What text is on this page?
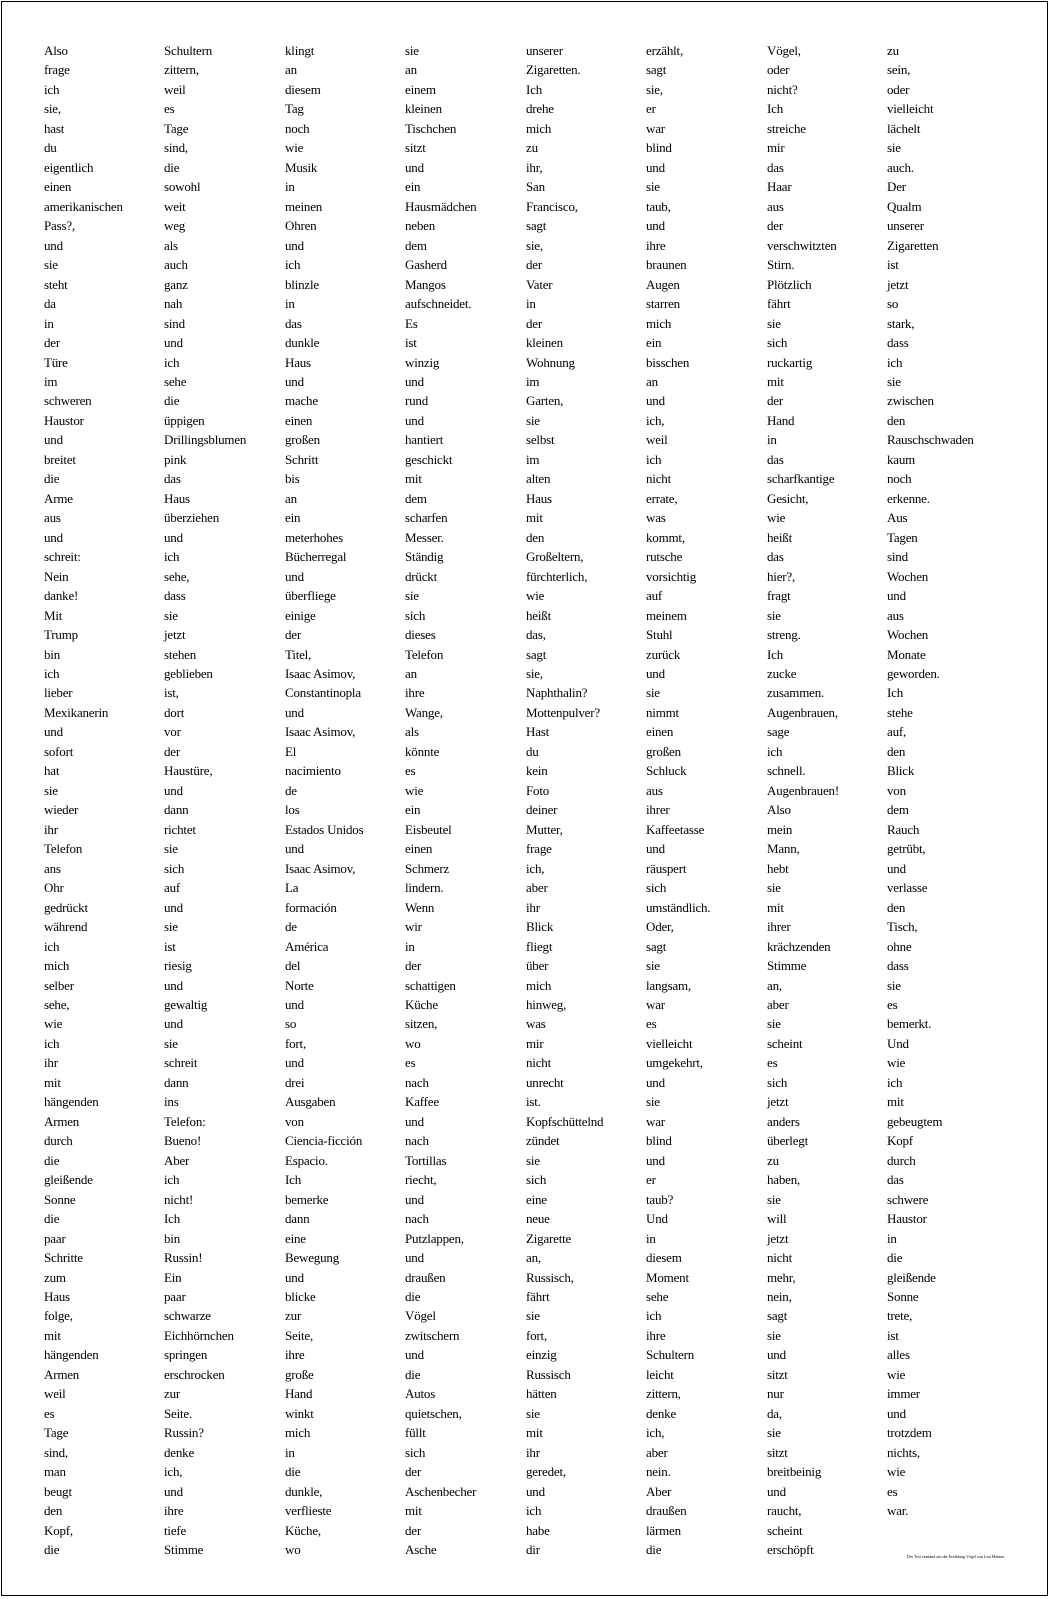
Also
frage
ich
sie,
hast
du
eigentlich
einen
amerikanischen
Pass?,
und
sie
steht
da
in
der
Türe
im
schweren
Haustor
und
breitet
die
Arme
aus
und
schreit:
Nein
danke!
Mit
Trump
bin
ich
lieber
Mexikanerin
und
sofort
hat
sie
wieder
ihr
Telefon
ans
Ohr
gedrückt
während
ich
mich
selber
sehe,
wie
ich
ihr
mit
hängenden
Armen
durch
die
gleißende
Sonne
die
paar
Schritte
zum
Haus
folge,
mit
hängenden
Armen
weil
es
Tage
sind,
man
beugt
den
Kopf,
die
Schultern
zittern,
weil
es
Tage
sind,
die
sowohl
weit
weg
als
auch
ganz
nah
sind
und
ich
sehe
die
üppigen
Drillingsblumen
pink
das
Haus
überziehen
und
ich
sehe,
dass
sie
jetzt
stehen
geblieben
ist,
dort
vor
der
Haustüre,
und
dann
richtet
sie
sich
auf
und
sie
ist
riesig
und
gewaltig
und
sie
schreit
dann
ins
Telefon:
Bueno!
Aber
ich
nicht!
Ich
bin
Russin!
Ein
paar
schwarze
Eichhörnchen
springen
erschrocken
zur
Seite.
Russin?
denke
ich,
und
ihre
tiefe
Stimme
klingt
an
diesem
Tag
noch
wie
Musik
in
meinen
Ohren
und
ich
blinzle
in
das
dunkle
Haus
und
mache
einen
großen
Schritt
bis
an
ein
meterhohes
Bücherregal
und
überfliege
einige
der
Titel,
Isaac Asimov,
Constantinopla
und
Isaac Asimov,
El
nacimiento
de
los
Estados Unidos
und
Isaac Asimov,
La
formación
de
América
del
Norte
und
so
fort,
und
drei
Ausgaben
von
Ciencia-ficción
Espacio.
Ich
bemerke
dann
eine
Bewegung
und
blicke
zur
Seite,
ihre
große
Hand
winkt
mich
in
die
dunkle,
verflieste
Küche,
wo
sie
an
einem
kleinen
Tischchen
sitzt
und
ein
Hausmädchen
neben
dem
Gasherd
Mangos
aufschneidet.
Es
ist
winzig
und
rund
und
hantiert
geschickt
mit
dem
scharfen
Messer.
Ständig
drückt
sie
sich
dieses
Telefon
an
ihre
Wange,
als
könnte
es
wie
ein
Eisbeutel
einen
Schmerz
lindern.
Wenn
wir
in
der
schattigen
Küche
sitzen,
wo
es
nach
Kaffee
und
nach
Tortillas
riecht,
und
nach
Putzlappen,
und
draußen
die
Vögel
zwitschern
und
die
Autos
quietschen,
füllt
sich
der
Aschenbecher
mit
der
Asche
unserer
Zigaretten.
Ich
drehe
mich
zu
ihr,
San
Francisco,
sagt
sie,
der
Vater
in
der
kleinen
Wohnung
im
Garten,
sie
selbst
im
alten
Haus
mit
den
Großeltern,
fürchterlich,
wie
heißt
das,
sagt
sie,
Naphthalin?
Mottenpulver?
Hast
du
kein
Foto
deiner
Mutter,
frage
ich,
aber
ihr
Blick
fliegt
über
mich
hinweg,
was
mir
nicht
unrecht
ist.
Kopfschüttelnd
zündet
sie
sich
eine
neue
Zigarette
an,
Russisch,
fährt
sie
fort,
einzig
Russisch
hätten
sie
mit
ihr
geredet,
und
ich
habe
dir
erzählt,
sagt
sie,
er
war
blind
und
sie
taub,
und
ihre
braunen
Augen
starren
mich
ein
bisschen
an
und
ich,
weil
ich
nicht
errate,
was
kommt,
rutsche
vorsichtig
auf
meinem
Stuhl
zurück
und
sie
nimmt
einen
großen
Schluck
aus
ihrer
Kaffeetasse
und
räuspert
sich
umständlich.
Oder,
sagt
sie
langsam,
war
es
vielleicht
umgekehrt,
und
sie
war
blind
und
er
taub?
Und
in
diesem
Moment
sehe
ich
ihre
Schultern
leicht
zittern,
denke
ich,
aber
nein.
Aber
draußen
lärmen
die
Vögel,
oder
nicht?
Ich
streiche
mir
das
Haar
aus
der
verschwitzten
Stirn.
Plötzlich
fährt
sie
sich
ruckartig
mit
der
Hand
in
das
scharfkantige
Gesicht,
wie
heißt
das
hier?,
fragt
sie
streng.
Ich
zucke
zusammen.
Augenbrauen,
sage
ich
schnell.
Augenbrauen!
Also
mein
Mann,
hebt
sie
mit
ihrer
krächzenden
Stimme
an,
aber
sie
scheint
es
sich
jetzt
anders
überlegt
zu
haben,
sie
will
jetzt
nicht
mehr,
nein,
sagt
sie
und
sitzt
nur
da,
sie
sitzt
breitbeinig
und
raucht,
scheint
erschöpft
zu
sein,
oder
vielleicht
lächelt
sie
auch.
Der
Qualm
unserer
Zigaretten
ist
jetzt
so
stark,
dass
ich
sie
zwischen
den
Rauschschwaden
kaum
noch
erkenne.
Aus
Tagen
sind
Wochen
und
aus
Wochen
Monate
geworden.
Ich
stehe
auf,
den
Blick
von
dem
Rauch
getrübt,
und
verlasse
den
Tisch,
ohne
dass
sie
es
bemerkt.
Und
wie
ich
mit
gebeugtem
Kopf
durch
das
schwere
Haustor
in
die
gleißende
Sonne
trete,
ist
alles
wie
immer
und
trotzdem
nichts,
wie
es
war.
Der Text entstand aus der Erzählung Vögel von Lisa Mönner.
